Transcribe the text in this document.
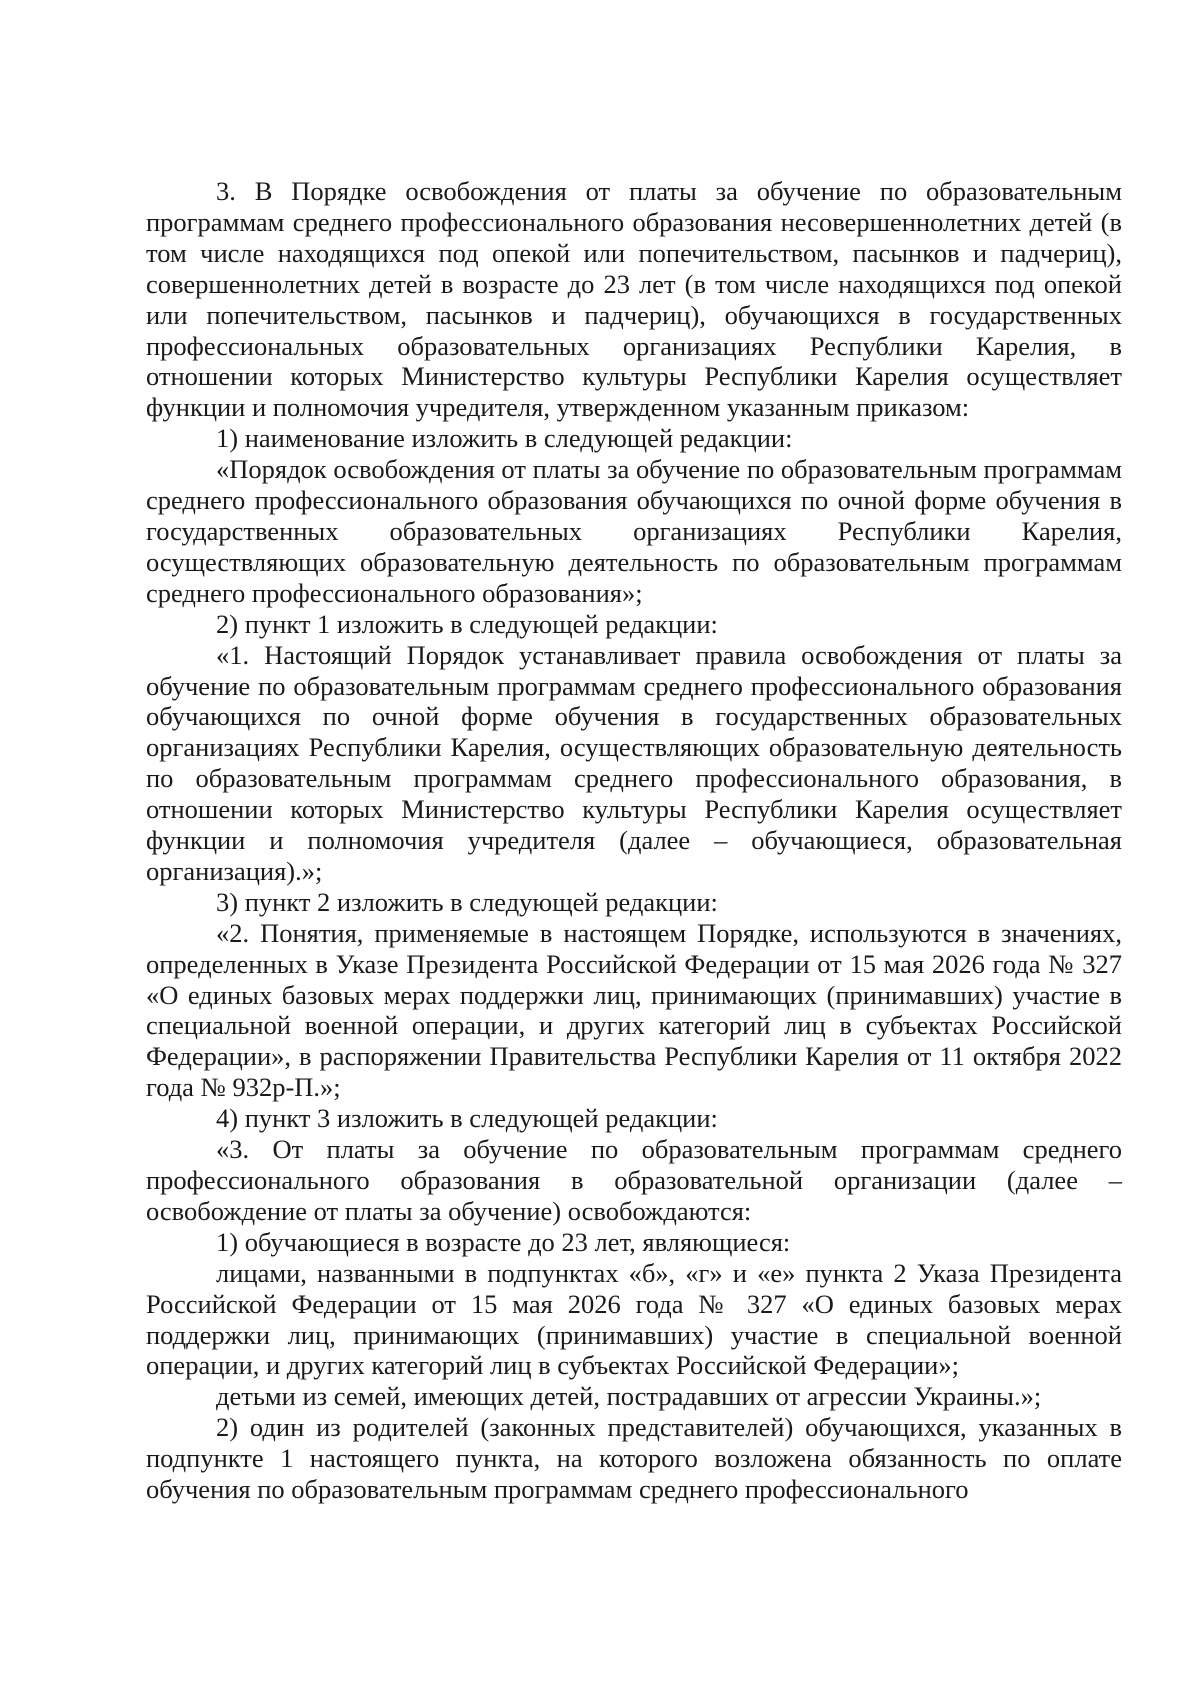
3. В Порядке освобождения от платы за обучение по образовательным программам среднего профессионального образования несовершеннолетних детей (в том числе находящихся под опекой или попечительством, пасынков и падчериц), совершеннолетних детей в возрасте до 23 лет (в том числе находящихся под опекой или попечительством, пасынков и падчериц), обучающихся в государственных профессиональных образовательных организациях Республики Карелия, в отношении которых Министерство культуры Республики Карелия осуществляет функции и полномочия учредителя, утвержденном указанным приказом:

1) наименование изложить в следующей редакции:

«Порядок освобождения от платы за обучение по образовательным программам среднего профессионального образования обучающихся по очной форме обучения в государственных образовательных организациях Республики Карелия, осуществляющих образовательную деятельность по образовательным программам среднего профессионального образования»;

2) пункт 1 изложить в следующей редакции:

«1. Настоящий Порядок устанавливает правила освобождения от платы за обучение по образовательным программам среднего профессионального образования обучающихся по очной форме обучения в государственных образовательных организациях Республики Карелия, осуществляющих образовательную деятельность по образовательным программам среднего профессионального образования, в отношении которых Министерство культуры Республики Карелия осуществляет функции и полномочия учредителя (далее – обучающиеся, образовательная организация).»;

3) пункт 2 изложить в следующей редакции:

«2. Понятия, применяемые в настоящем Порядке, используются в значениях, определенных в Указе Президента Российской Федерации от 15 мая 2026 года № 327 «О единых базовых мерах поддержки лиц, принимающих (принимавших) участие в специальной военной операции, и других категорий лиц в субъектах Российской Федерации», в распоряжении Правительства Республики Карелия от 11 октября 2022 года № 932р-П.»;

4) пункт 3 изложить в следующей редакции:

«3. От платы за обучение по образовательным программам среднего профессионального образования в образовательной организации (далее – освобождение от платы за обучение) освобождаются:

1) обучающиеся в возрасте до 23 лет, являющиеся:

лицами, названными в подпунктах «б», «г» и «е» пункта 2 Указа Президента Российской Федерации от 15 мая 2026 года № 327 «О единых базовых мерах поддержки лиц, принимающих (принимавших) участие в специальной военной операции, и других категорий лиц в субъектах Российской Федерации»;

детьми из семей, имеющих детей, пострадавших от агрессии Украины.»;

2) один из родителей (законных представителей) обучающихся, указанных в подпункте 1 настоящего пункта, на которого возложена обязанность по оплате обучения по образовательным программам среднего профессионального
